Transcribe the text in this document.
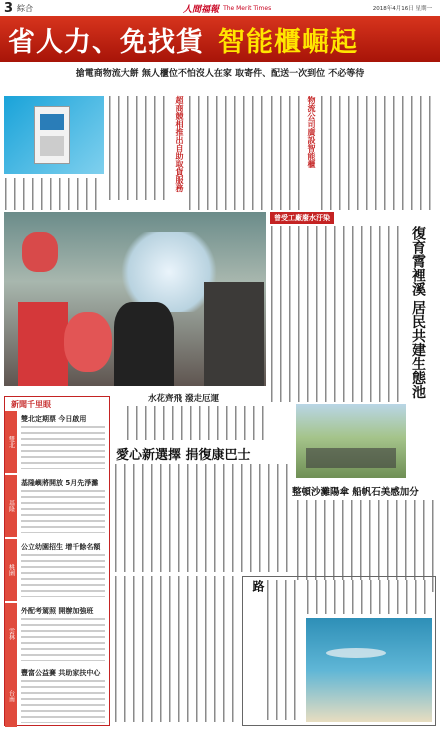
3 綜合	人間福報 The Merit Times	2018年4月16日 星期一
省人力、免找貨 智能櫃崛起
搶電商物流大餅 無人櫃位不怕沒人在家 取寄件、配送一次到位 不必等待
超商競相推出自助取貨服務	物流公司廣設智能櫃
水花齊飛 潑走厄運
曾受工廠廢水汙染
復育霄裡溪 居民共建生態池
愛心新選擇 捐復康巴士
整頓沙灘陽傘 船帆石美感加分
路
新聞千里眼
雙北
雙北定期票 今日啟用
基隆
基隆嶼將開放 5月先淨灘
桃園
公立幼園招生 增千餘名額
雲林
外配考駕照 開辦加強班
台南
豐富公益賽 共助家扶中心
